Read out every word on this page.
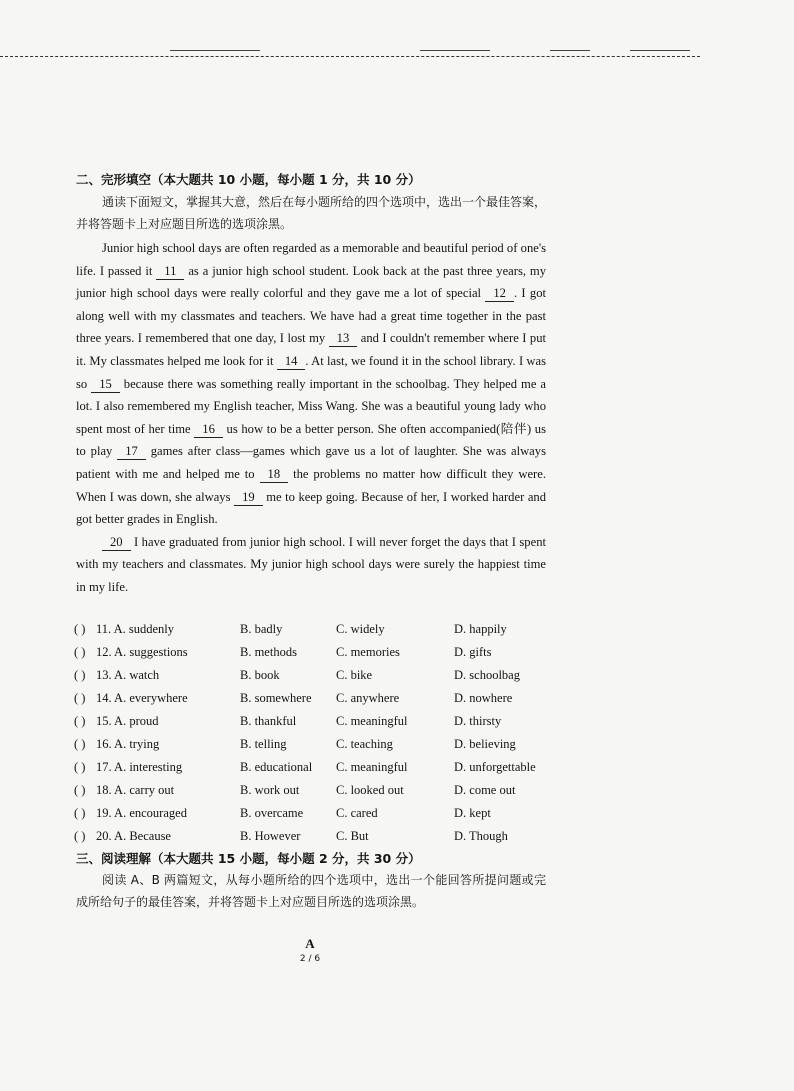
二、完形填空（本大题共 10 小题，每小题 1 分，共 10 分）
通读下面短文，掌握其大意，然后在每小题所给的四个选项中，选出一个最佳答案，并将答题卡上对应题目所选的选项涂黑。

Junior high school days are often regarded as a memorable and beautiful period of one's life. I passed it 11 as a junior high school student. Look back at the past three years, my junior high school days were really colorful and they gave me a lot of special 12 . I got along well with my classmates and teachers. We have had a great time together in the past three years. I remembered that one day, I lost my 13 and I couldn't remember where I put it. My classmates helped me look for it 14 . At last, we found it in the school library. I was so 15 because there was something really important in the schoolbag. They helped me a lot. I also remembered my English teacher, Miss Wang. She was a beautiful young lady who spent most of her time 16 us how to be a better person. She often accompanied(陪伴) us to play 17 games after class—games which gave us a lot of laughter. She was always patient with me and helped me to 18 the problems no matter how difficult they were. When I was down, she always 19 me to keep going. Because of her, I worked harder and got better grades in English.

20 I have graduated from junior high school. I will never forget the days that I spent with my teachers and classmates. My junior high school days were surely the happiest time in my life.

( ) 11. A. suddenly	B. badly	C. widely	D. happily
( ) 12. A. suggestions	B. methods	C. memories	D. gifts
( ) 13. A. watch	B. book	C. bike	D. schoolbag
( ) 14. A. everywhere	B. somewhere C. anywhere	D. nowhere
( ) 15. A. proud	B. thankful	C. meaningful	D. thirsty
( ) 16. A. trying	B. telling	C. teaching	D. believing
( ) 17. A. interesting	B. educational C. meaningful	D. unforgettable
( ) 18. A. carry out	B. work out	C. looked out	D. come out
( ) 19. A. encouraged	B. overcame	C. cared	D. kept
( ) 20. A. Because	B. However	C. But	D. Though
三、阅读理解（本大题共 15 小题，每小题 2 分，共 30 分）
阅读 A、B 两篇短文，从每小题所给的四个选项中，选出一个能回答所提问题或完成所给句子的最佳答案，并将答题卡上对应题目所选的选项涂黑。
A
2 / 6
